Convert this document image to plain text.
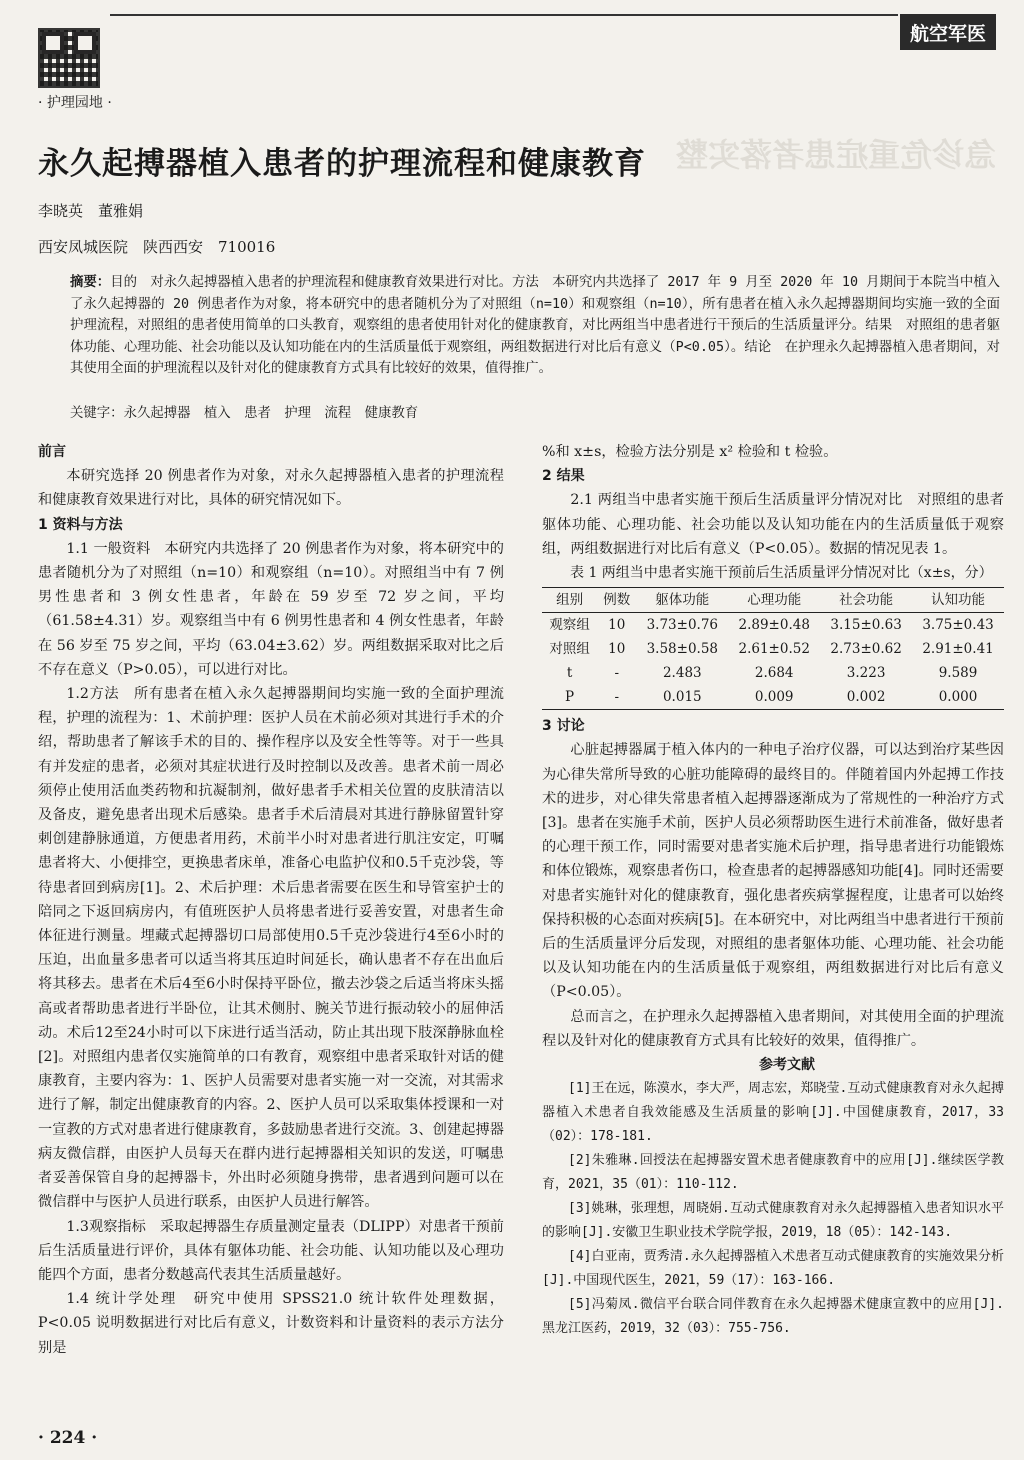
· 护理园地 ·
航空军医
急诊危重症患者落实整
永久起搏器植入患者的护理流程和健康教育
李晓英　董雅娟
西安凤城医院　陕西西安　710016
摘要：目的　对永久起搏器植入患者的护理流程和健康教育效果进行对比。方法　本研究内共选择了 2017 年 9 月至 2020 年 10 月期间于本院当中植入了永久起搏器的 20 例患者作为对象，将本研究中的患者随机分为了对照组（n=10）和观察组（n=10），所有患者在植入永久起搏器期间均实施一致的全面护理流程，对照组的患者使用简单的口头教育，观察组的患者使用针对化的健康教育，对比两组当中患者进行干预后的生活质量评分。结果　对照组的患者躯体功能、心理功能、社会功能以及认知功能在内的生活质量低于观察组，两组数据进行对比后有意义（P<0.05）。结论　在护理永久起搏器植入患者期间，对其使用全面的护理流程以及针对化的健康教育方式具有比较好的效果，值得推广。
关键字：永久起搏器　植入　患者　护理　流程　健康教育
前言

本研究选择 20 例患者作为对象，对永久起搏器植入患者的护理流程和健康教育效果进行对比，具体的研究情况如下。

1 资料与方法

1.1 一般资料　本研究内共选择了 20 例患者作为对象，将本研究中的患者随机分为了对照组（n=10）和观察组（n=10）。对照组当中有 7 例男性患者和 3 例女性患者，年龄在 59 岁至 72 岁之间，平均（61.58±4.31）岁。观察组当中有 6 例男性患者和 4 例女性患者，年龄在 56 岁至 75 岁之间，平均（63.04±3.62）岁。两组数据采取对比之后不存在意义（P>0.05），可以进行对比。

1.2方法　所有患者在植入永久起搏器期间均实施一致的全面护理流程，护理的流程为：1、术前护理：医护人员在术前必须对其进行手术的介绍，帮助患者了解该手术的目的、操作程序以及安全性等等。对于一些具有并发症的患者，必须对其症状进行及时控制以及改善。患者术前一周必须停止使用活血类药物和抗凝制剂，做好患者手术相关位置的皮肤清洁以及备皮，避免患者出现术后感染。患者手术后清晨对其进行静脉留置针穿刺创建静脉通道，方便患者用药，术前半小时对患者进行肌注安定，叮嘱患者将大、小便排空，更换患者床单，准备心电监护仪和0.5千克沙袋，等待患者回到病房[1]。2、术后护理：术后患者需要在医生和导管室护士的陪同之下返回病房内，有值班医护人员将患者进行妥善安置，对患者生命体征进行测量。埋藏式起搏器切口局部使用0.5千克沙袋进行4至6小时的压迫，出血量多患者可以适当将其压迫时间延长，确认患者不存在出血后将其移去。患者在术后4至6小时保持平卧位，撤去沙袋之后适当将床头摇高或者帮助患者进行半卧位，让其术侧肘、腕关节进行振动较小的屈伸活动。术后12至24小时可以下床进行适当活动，防止其出现下肢深静脉血栓[2]。对照组内患者仅实施简单的口有教育，观察组中患者采取针对话的健康教育，主要内容为：1、医护人员需要对患者实施一对一交流，对其需求进行了解，制定出健康教育的内容。2、医护人员可以采取集体授课和一对一宣教的方式对患者进行健康教育，多鼓励患者进行交流。3、创建起搏器病友微信群，由医护人员每天在群内进行起搏器相关知识的发送，叮嘱患者妥善保管自身的起搏器卡，外出时必须随身携带，患者遇到问题可以在微信群中与医护人员进行联系，由医护人员进行解答。

1.3观察指标　采取起搏器生存质量测定量表（DLIPP）对患者干预前后生活质量进行评价，具体有躯体功能、社会功能、认知功能以及心理功能四个方面，患者分数越高代表其生活质量越好。

1.4 统计学处理　研究中使用 SPSS21.0 统计软件处理数据，P<0.05 说明数据进行对比后有意义，计数资料和计量资料的表示方法分别是

%和 x±s，检验方法分别是 x² 检验和 t 检验。

2 结果

2.1 两组当中患者实施干预后生活质量评分情况对比　对照组的患者躯体功能、心理功能、社会功能以及认知功能在内的生活质量低于观察组，两组数据进行对比后有意义（P<0.05）。数据的情况见表 1。

表 1 两组当中患者实施干预前后生活质量评分情况对比（x±s，分）

组别	例数	躯体功能	心理功能	社会功能	认知功能
观察组	10	3.73±0.76	2.89±0.48	3.15±0.63	3.75±0.43
对照组	10	3.58±0.58	2.61±0.52	2.73±0.62	2.91±0.41
t	-	2.483	2.684	3.223	9.589
P	-	0.015	0.009	0.002	0.000
3 讨论

心脏起搏器属于植入体内的一种电子治疗仪器，可以达到治疗某些因为心律失常所导致的心脏功能障碍的最终目的。伴随着国内外起搏工作技术的进步，对心律失常患者植入起搏器逐渐成为了常规性的一种治疗方式[3]。患者在实施手术前，医护人员必须帮助医生进行术前准备，做好患者的心理干预工作，同时需要对患者实施术后护理，指导患者进行功能锻炼和体位锻炼，观察患者伤口，检查患者的起搏器感知功能[4]。同时还需要对患者实施针对化的健康教育，强化患者疾病掌握程度，让患者可以始终保持积极的心态面对疾病[5]。在本研究中，对比两组当中患者进行干预前后的生活质量评分后发现，对照组的患者躯体功能、心理功能、社会功能以及认知功能在内的生活质量低于观察组，两组数据进行对比后有意义（P<0.05）。

总而言之，在护理永久起搏器植入患者期间，对其使用全面的护理流程以及针对化的健康教育方式具有比较好的效果，值得推广。

参考文献

[1]王在远，陈漠水，李大严，周志宏，郑晓莹.互动式健康教育对永久起搏器植入术患者自我效能感及生活质量的影响[J].中国健康教育，2017，33（02）：178-181.

[2]朱雅琳.回授法在起搏器安置术患者健康教育中的应用[J].继续医学教育，2021，35（01）：110-112.

[3]姚琳，张理想，周晓娟.互动式健康教育对永久起搏器植入患者知识水平的影响[J].安徽卫生职业技术学院学报，2019，18（05）：142-143.

[4]白亚南，贾秀清.永久起搏器植入术患者互动式健康教育的实施效果分析[J].中国现代医生，2021，59（17）：163-166.

[5]冯菊凤.微信平台联合同伴教育在永久起搏器术健康宣教中的应用[J].黑龙江医药，2019，32（03）：755-756.

· 224 ·
